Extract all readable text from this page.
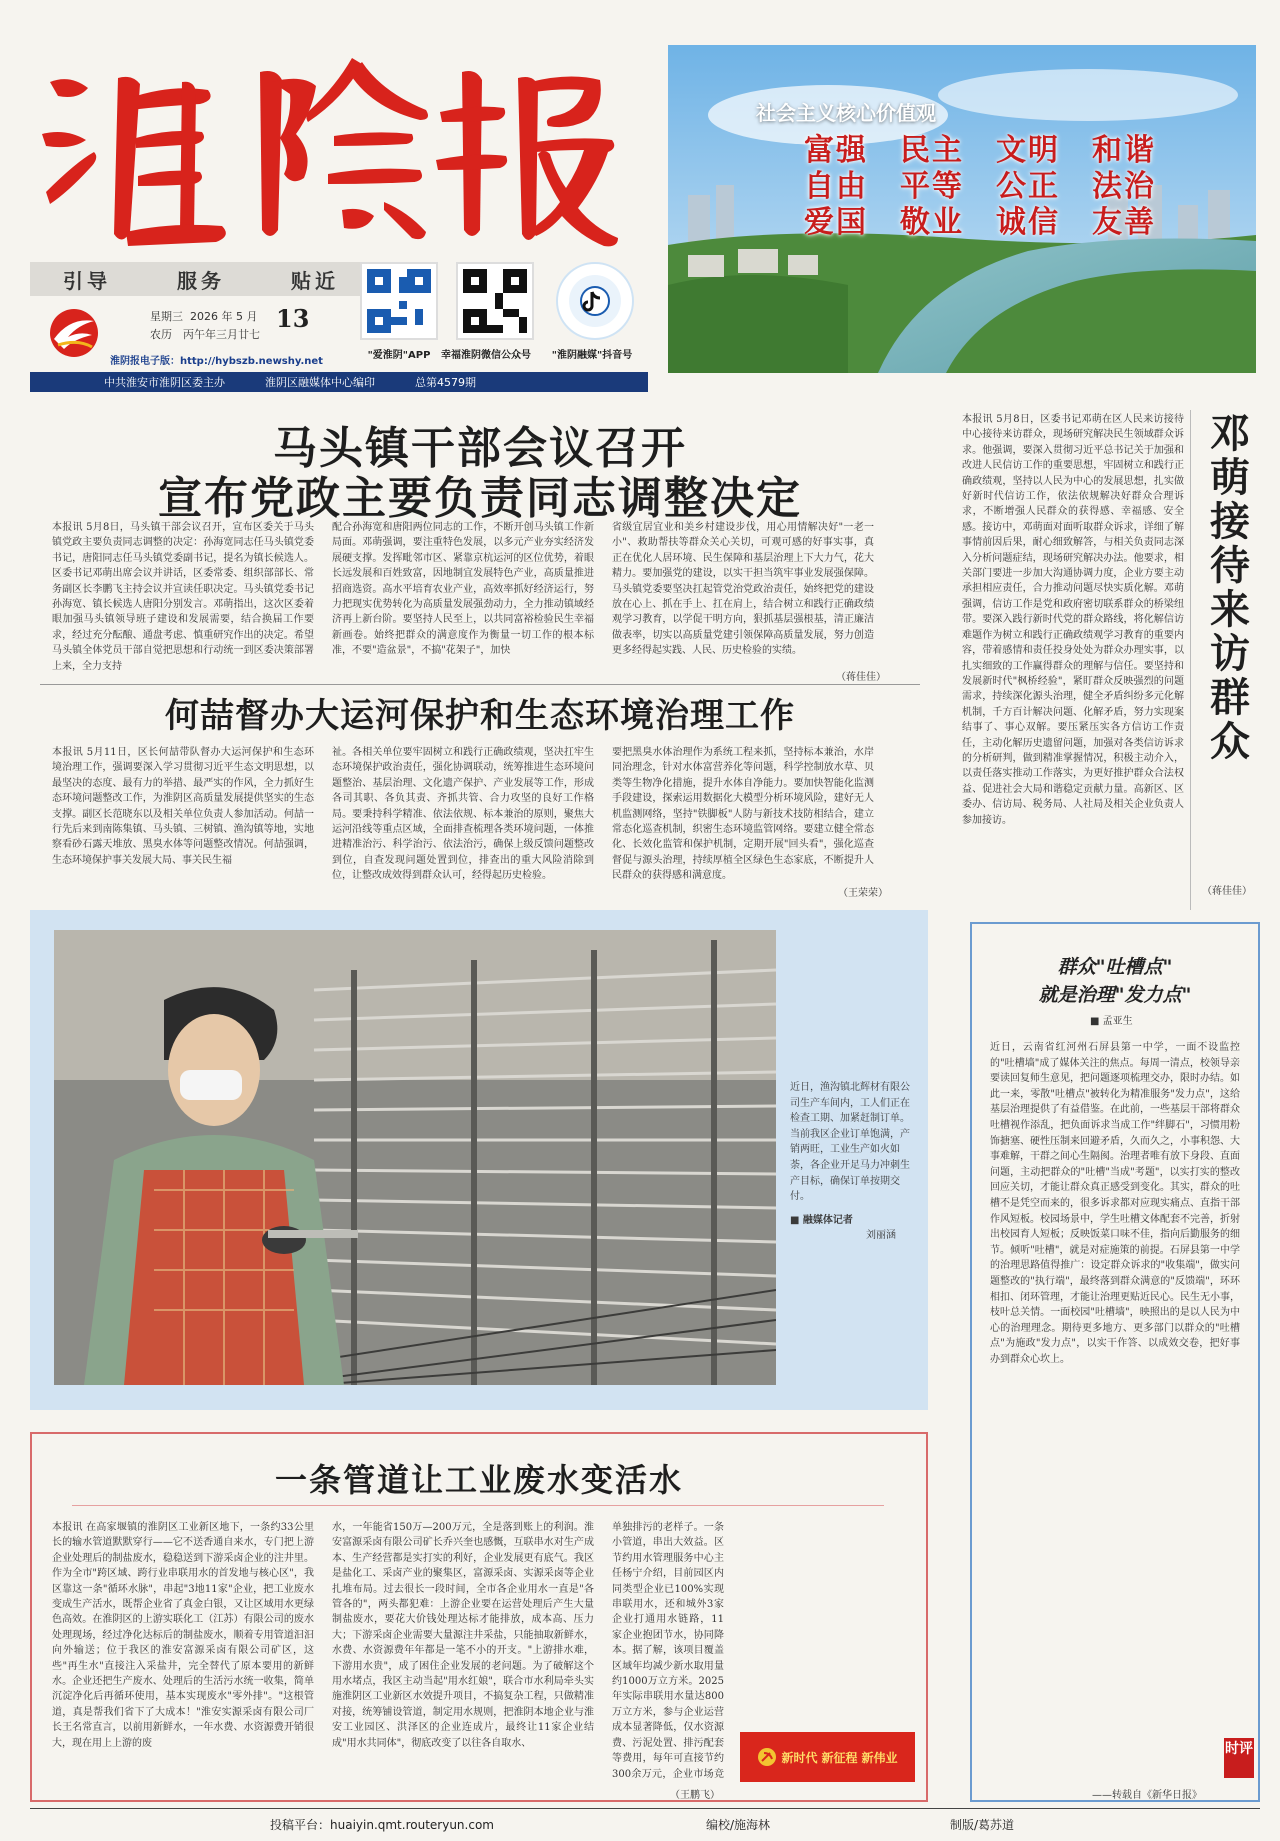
引导	服务	贴近
星期三 2026 年 5 月
农历　丙午年三月廿七
13
淮阴报电子版：http://hybszb.newshy.net
"爱淮阴"APP	幸福淮阴微信公众号	"淮阴融媒"抖音号
中共淮安市淮阴区委主办	淮阴区融媒体中心编印	总第4579期
社会主义核心价值观
富强　民主　文明　和谐
自由　平等　公正　法治
爱国　敬业　诚信　友善
马头镇干部会议召开
宣布党政主要负责同志调整决定
本报讯 5月8日，马头镇干部会议召开，宣布区委关于马头镇党政主要负责同志调整的决定：孙海宽同志任马头镇党委书记，唐阳同志任马头镇党委副书记，提名为镇长候选人。区委书记邓萌出席会议并讲话，区委常委、组织部部长、常务副区长李鹏飞主持会议并宣读任职决定。马头镇党委书记孙海宽、镇长候选人唐阳分别发言。邓萌指出，这次区委着眼加强马头镇领导班子建设和发展需要，结合换届工作要求，经过充分酝酿、通盘考虑、慎重研究作出的决定。希望马头镇全体党员干部自觉把思想和行动统一到区委决策部署上来，全力支持
配合孙海宽和唐阳两位同志的工作，不断开创马头镇工作新局面。邓萌强调，要注重特色发展，以多元产业夯实经济发展硬支撑。发挥毗邻市区、紧靠京杭运河的区位优势，着眼长远发展和百姓致富，因地制宜发展特色产业，高质量推进招商选资。高水平培育农业产业，高效率抓好经济运行，努力把现实优势转化为高质量发展强劲动力，全力推动镇域经济再上新台阶。要坚持人民至上，以共同富裕检验民生幸福新画卷。始终把群众的满意度作为衡量一切工作的根本标准，不要"造盆景"，不搞"花架子"，加快
省级宜居宜业和美乡村建设步伐，用心用情解决好"一老一小"、救助帮扶等群众关心关切，可观可感的好事实事，真正在优化人居环境、民生保障和基层治理上下大力气，花大精力。要加强党的建设，以实干担当筑牢事业发展强保障。马头镇党委要坚决扛起管党治党政治责任，始终把党的建设放在心上、抓在手上、扛在肩上，结合树立和践行正确政绩观学习教育，以学促干明方向，狠抓基层强根基，清正廉洁做表率，切实以高质量党建引领保障高质量发展，努力创造更多经得起实践、人民、历史检验的实绩。
（蒋佳佳）
何喆督办大运河保护和生态环境治理工作
本报讯 5月11日，区长何喆带队督办大运河保护和生态环境治理工作，强调要深入学习贯彻习近平生态文明思想，以最坚决的态度、最有力的举措、最严实的作风，全力抓好生态环境问题整改工作，为淮阴区高质量发展提供坚实的生态支撑。副区长范晓东以及相关单位负责人参加活动。何喆一行先后来到南陈集镇、马头镇、三树镇、渔沟镇等地，实地察看砂石露天堆放、黑臭水体等问题整改情况。何喆强调，生态环境保护事关发展大局、事关民生福
祉。各相关单位要牢固树立和践行正确政绩观，坚决扛牢生态环境保护政治责任，强化协调联动，统筹推进生态环境问题整治、基层治理、文化遗产保护、产业发展等工作，形成各司其职、各负其责、齐抓共管、合力攻坚的良好工作格局。要秉持科学精准、依法依规、标本兼治的原则，聚焦大运河沿线等重点区域，全面排查梳理各类环境问题，一体推进精准治污、科学治污、依法治污，确保上级反馈问题整改到位，自查发现问题处置到位，排查出的重大风险消除到位，让整改成效得到群众认可，经得起历史检验。
要把黑臭水体治理作为系统工程来抓，坚持标本兼治，水岸同治理念，针对水体富营养化等问题，科学控制放水草、贝类等生物净化措施，提升水体自净能力。要加快智能化监测手段建设，探索运用数据化大模型分析环境风险，建好无人机监测网络，坚持"铁脚板"人防与新技术技防相结合，建立常态化巡查机制，织密生态环境监管网络。要建立健全常态化、长效化监管和保护机制，定期开展"回头看"，强化巡查督促与源头治理，持续厚植全区绿色生态家底，不断提升人民群众的获得感和满意度。
（王荣荣）
本报讯 5月8日，区委书记邓萌在区人民来访接待中心接待来访群众，现场研究解决民生领域群众诉求。他强调，要深入贯彻习近平总书记关于加强和改进人民信访工作的重要思想，牢固树立和践行正确政绩观，坚持以人民为中心的发展思想，扎实做好新时代信访工作，依法依规解决好群众合理诉求，不断增强人民群众的获得感、幸福感、安全感。接访中，邓萌面对面听取群众诉求，详细了解事情前因后果，耐心细致解答，与相关负责同志深入分析问题症结，现场研究解决办法。他要求，相关部门要进一步加大沟通协调力度，企业方要主动承担相应责任，合力推动问题尽快实质化解。邓萌强调，信访工作是党和政府密切联系群众的桥梁纽带。要深入践行新时代党的群众路线，将化解信访难题作为树立和践行正确政绩观学习教育的重要内容，带着感情和责任投身处处为群众办理实事，以扎实细致的工作赢得群众的理解与信任。要坚持和发展新时代"枫桥经验"，紧盯群众反映强烈的问题需求，持续深化源头治理，健全矛盾纠纷多元化解机制，千方百计解决问题、化解矛盾，努力实现案结事了、事心双解。要压紧压实各方信访工作责任，主动化解历史遗留问题，加强对各类信访诉求的分析研判，做到精准掌握情况，积极主动介入，以责任落实推动工作落实，为更好推护群众合法权益、促进社会大局和谐稳定贡献力量。高新区、区委办、信访局、税务局、人社局及相关企业负责人参加接访。
（蒋佳佳）
邓萌接待来访群众
近日，渔沟镇北辉材有限公司生产车间内，工人们正在检查工期、加紧赶制订单。当前我区企业订单饱满，产销两旺，工业生产如火如荼，各企业开足马力冲刺生产目标，确保订单按期交付。
■ 融媒体记者
刘丽涵
一条管道让工业废水变活水
本报讯 在高家堰镇的淮阴区工业新区地下，一条约33公里长的输水管道默默穿行——它不送香通自来水，专门把上游企业处理后的制盐废水，稳稳送到下游采卤企业的注井里。作为全市"跨区域、跨行业串联用水的首发地与核心区"，我区靠这一条"循环水脉"，串起"3地11家"企业，把工业废水变成生产活水，既帮企业省了真金白银，又让区域用水更绿色高效。在淮阴区的上游实联化工（江苏）有限公司的废水处理现场，经过净化达标后的制盐废水，顺着专用管道汩汩向外输送；位于我区的淮安富源采卤有限公司矿区，这些"再生水"直接注入采盐井，完全替代了原本要用的新鲜水。企业还把生产废水、处理后的生活污水统一收集，简单沉淀净化后再循环使用，基本实现废水"零外排"。"这根管道，真是帮我们省下了大成本！"淮安实源采卤有限公司厂长王名常直言，以前用新鲜水，一年水费、水资源费开销很大，现在用上上游的废
水，一年能省150万—200万元，全是落到账上的利润。淮安富源采卤有限公司矿长乔兴奎也感慨，互联串水对生产成本、生产经营都是实打实的利好，企业发展更有底气。我区是盐化工、采卤产业的聚集区，富源采卤、实源采卤等企业扎堆布局。过去很长一段时间，全市各企业用水一直是"各管各的"，两头都犯难：上游企业要在运营处理后产生大量制盐废水，要花大价钱处理达标才能排放，成本高、压力大；下游采卤企业需要大量源注井采盐，只能抽取新鲜水，水费、水资源费年年都是一笔不小的开支。"上游排水难，下游用水贵"，成了困住企业发展的老问题。为了破解这个用水堵点，我区主动当起"用水红娘"，联合市水利局牵头实施淮阴区工业新区水效提升项目，不搞复杂工程，只做精准对接，统筹铺设管道，制定用水规则，把淮阴本地企业与淮安工业园区、洪泽区的企业连成片，最终让11家企业结成"用水共同体"，彻底改变了以往各自取水、
单独排污的老样子。一条小管道，串出大效益。区节约用水管理服务中心主任杨宁介绍，目前园区内同类型企业已100%实现串联用水，还和城外3家企业打通用水链路，11家企业抱团节水，协同降本。据了解，该项目覆盖区域年均减少新水取用量约1000万立方米。2025年实际串联用水量达800万立方米，参与企业运营成本显著降低，仅水资源费、污泥处置、排污配套等费用，每年可直接节约300余万元，企业市场竞
（王鹏飞）
新时代 新征程 新伟业
群众"吐槽点"
就是治理"发力点"
■ 孟亚生
近日，云南省红河州石屏县第一中学，一面不设监控的"吐槽墙"成了媒体关注的焦点。每周一清点，校领导亲要读回复师生意见，把问题逐项梳理交办，限时办结。如此一来，零散"吐槽点"被转化为精准服务"发力点"，这给基层治理提供了有益借鉴。在此前，一些基层干部将群众吐槽视作添乱，把负面诉求当成工作"绊脚石"，习惯用粉饰搪塞、硬性压制来回避矛盾，久而久之，小事积怨、大事难解，干群之间心生隔阂。治理者唯有放下身段、直面问题，主动把群众的"吐槽"当成"考题"，以实打实的整改回应关切，才能让群众真正感受到变化。其实，群众的吐槽不是凭空而来的，很多诉求都对应现实痛点、直指干部作风短板。校园场景中，学生吐槽文体配套不完善，折射出校园育人短板；反映饭菜口味不佳，指向后勤服务的细节。倾听"吐槽"，就是对症施策的前提。石屏县第一中学的治理思路值得推广：设定群众诉求的"收集端"，做实问题整改的"执行端"，最终落到群众满意的"反馈端"，环环相扣、闭环管理，才能让治理更贴近民心。民生无小事，枝叶总关情。一面校园"吐槽墙"，映照出的是以人民为中心的治理理念。期待更多地方、更多部门以群众的"吐槽点"为施政"发力点"，以实干作答、以成效交卷，把好事办到群众心坎上。
——转载自《新华日报》
时评
投稿平台：huaiyin.qmt.routeryun.com	编校/施海林	制版/葛苏道
